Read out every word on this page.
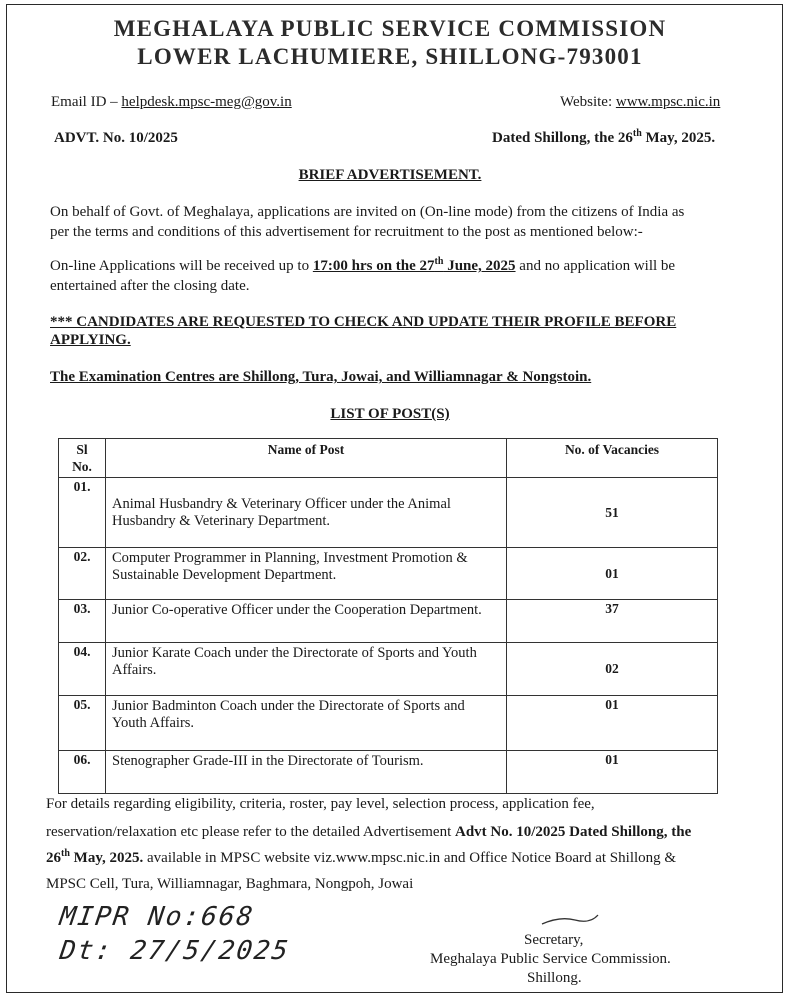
MEGHALAYA PUBLIC SERVICE COMMISSION
LOWER LACHUMIERE, SHILLONG-793001
Email ID – helpdesk.mpsc-meg@gov.in	Website: www.mpsc.nic.in
ADVT. No. 10/2025	Dated Shillong, the 26th May, 2025.
BRIEF ADVERTISEMENT.
On behalf of Govt. of Meghalaya, applications are invited on (On-line mode) from the citizens of India as
per the terms and conditions of this advertisement for recruitment to the post as mentioned below:-
On-line Applications will be received up to 17:00 hrs on the 27th June, 2025 and no application will be
entertained after the closing date.
*** CANDIDATES ARE REQUESTED TO CHECK AND UPDATE THEIR PROFILE BEFORE
APPLYING.
The Examination Centres are Shillong, Tura, Jowai, and Williamnagar & Nongstoin.
LIST OF POST(S)
Sl
No.	Name of Post	No. of Vacancies
01.	Animal Husbandry & Veterinary Officer under the Animal Husbandry & Veterinary Department.	51
02.	Computer Programmer in Planning, Investment Promotion & Sustainable Development Department.	01
03.	Junior Co-operative Officer under the Cooperation Department.	37
04.	Junior Karate Coach under the Directorate of Sports and Youth Affairs.	02
05.	Junior Badminton Coach under the Directorate of Sports and Youth Affairs.	01
06.	Stenographer Grade-III in the Directorate of Tourism.	01
For details regarding eligibility, criteria, roster, pay level, selection process, application fee,
reservation/relaxation etc please refer to the detailed Advertisement Advt No. 10/2025 Dated Shillong, the
26th May, 2025. available in MPSC website viz.www.mpsc.nic.in and Office Notice Board at Shillong &
MPSC Cell, Tura, Williamnagar, Baghmara, Nongpoh, Jowai
MIPR No:668
Dt: 27/5/2025	Secretary,
Meghalaya Public Service Commission.
Shillong.
